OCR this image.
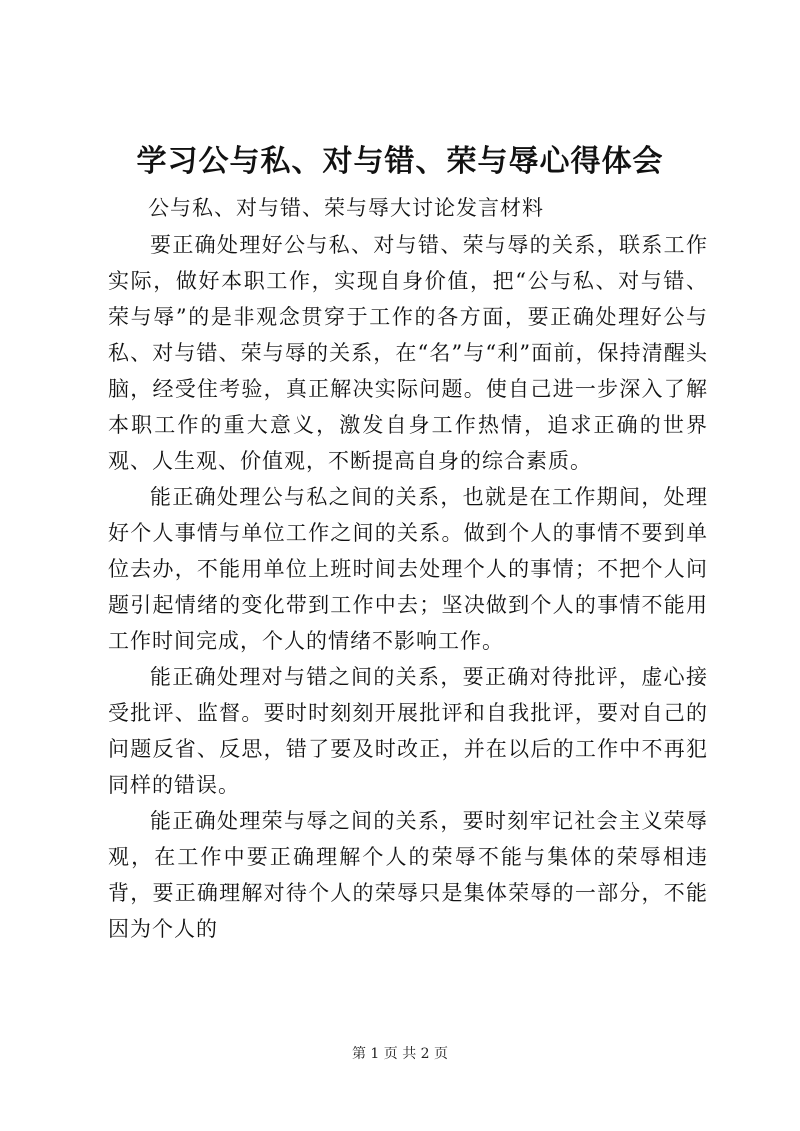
学习公与私、对与错、荣与辱心得体会
公与私、对与错、荣与辱大讨论发言材料

要正确处理好公与私、对与错、荣与辱的关系，联系工作实际，做好本职工作，实现自身价值，把“公与私、对与错、荣与辱”的是非观念贯穿于工作的各方面，要正确处理好公与私、对与错、荣与辱的关系，在“名”与“利”面前，保持清醒头脑，经受住考验，真正解决实际问题。使自己进一步深入了解本职工作的重大意义，激发自身工作热情，追求正确的世界观、人生观、价值观，不断提高自身的综合素质。

能正确处理公与私之间的关系，也就是在工作期间，处理好个人事情与单位工作之间的关系。做到个人的事情不要到单位去办，不能用单位上班时间去处理个人的事情；不把个人问题引起情绪的变化带到工作中去；坚决做到个人的事情不能用工作时间完成，个人的情绪不影响工作。

能正确处理对与错之间的关系，要正确对待批评，虚心接受批评、监督。要时时刻刻开展批评和自我批评，要对自己的问题反省、反思，错了要及时改正，并在以后的工作中不再犯同样的错误。

能正确处理荣与辱之间的关系，要时刻牢记社会主义荣辱观，在工作中要正确理解个人的荣辱不能与集体的荣辱相违背，要正确理解对待个人的荣辱只是集体荣辱的一部分，不能因为个人的

第 1 页 共 2 页
